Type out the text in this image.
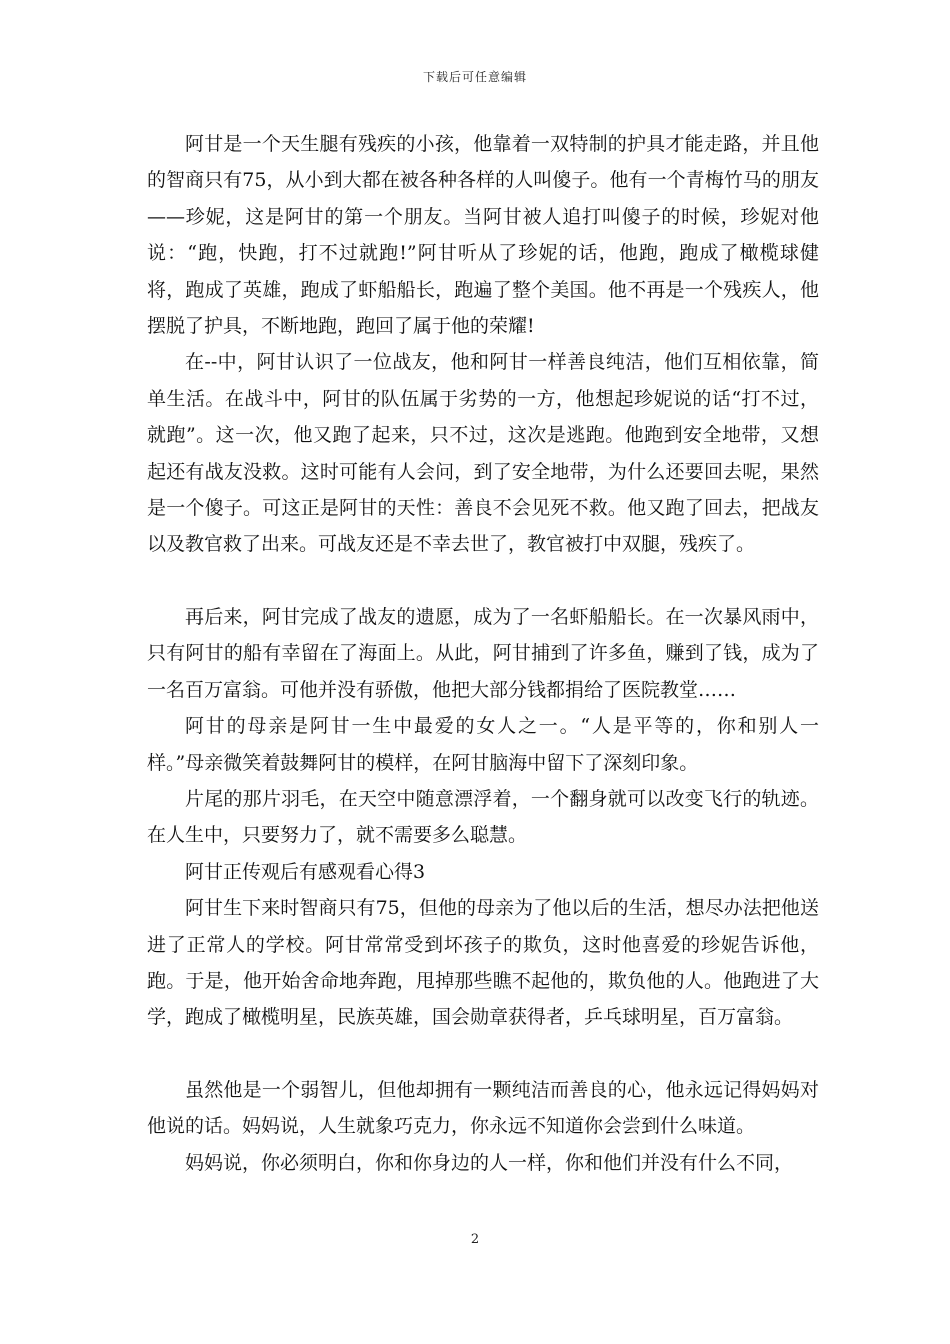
下载后可任意编辑

阿甘是一个天生腿有残疾的小孩，他靠着一双特制的护具才能走路，并且他的智商只有75，从小到大都在被各种各样的人叫傻子。他有一个青梅竹马的朋友——珍妮，这是阿甘的第一个朋友。当阿甘被人追打叫傻子的时候，珍妮对他说：“跑，快跑，打不过就跑!”阿甘听从了珍妮的话，他跑，跑成了橄榄球健将，跑成了英雄，跑成了虾船船长，跑遍了整个美国。他不再是一个残疾人，他摆脱了护具，不断地跑，跑回了属于他的荣耀!

在--中，阿甘认识了一位战友，他和阿甘一样善良纯洁，他们互相依靠，简单生活。在战斗中，阿甘的队伍属于劣势的一方，他想起珍妮说的话“打不过，就跑”。这一次，他又跑了起来，只不过，这次是逃跑。他跑到安全地带，又想起还有战友没救。这时可能有人会问，到了安全地带，为什么还要回去呢，果然是一个傻子。可这正是阿甘的天性：善良不会见死不救。他又跑了回去，把战友以及教官救了出来。可战友还是不幸去世了，教官被打中双腿，残疾了。

再后来，阿甘完成了战友的遗愿，成为了一名虾船船长。在一次暴风雨中，只有阿甘的船有幸留在了海面上。从此，阿甘捕到了许多鱼，赚到了钱，成为了一名百万富翁。可他并没有骄傲，他把大部分钱都捐给了医院教堂……

阿甘的母亲是阿甘一生中最爱的女人之一。“人是平等的，你和别人一样。”母亲微笑着鼓舞阿甘的模样，在阿甘脑海中留下了深刻印象。

片尾的那片羽毛，在天空中随意漂浮着，一个翻身就可以改变飞行的轨迹。在人生中，只要努力了，就不需要多么聪慧。

阿甘正传观后有感观看心得3

阿甘生下来时智商只有75，但他的母亲为了他以后的生活，想尽办法把他送进了正常人的学校。阿甘常常受到坏孩子的欺负，这时他喜爱的珍妮告诉他，跑。于是，他开始舍命地奔跑，甩掉那些瞧不起他的，欺负他的人。他跑进了大学，跑成了橄榄明星，民族英雄，国会勋章获得者，乒乓球明星，百万富翁。

虽然他是一个弱智儿，但他却拥有一颗纯洁而善良的心，他永远记得妈妈对他说的话。妈妈说，人生就象巧克力，你永远不知道你会尝到什么味道。

妈妈说，你必须明白，你和你身边的人一样，你和他们并没有什么不同，

2
